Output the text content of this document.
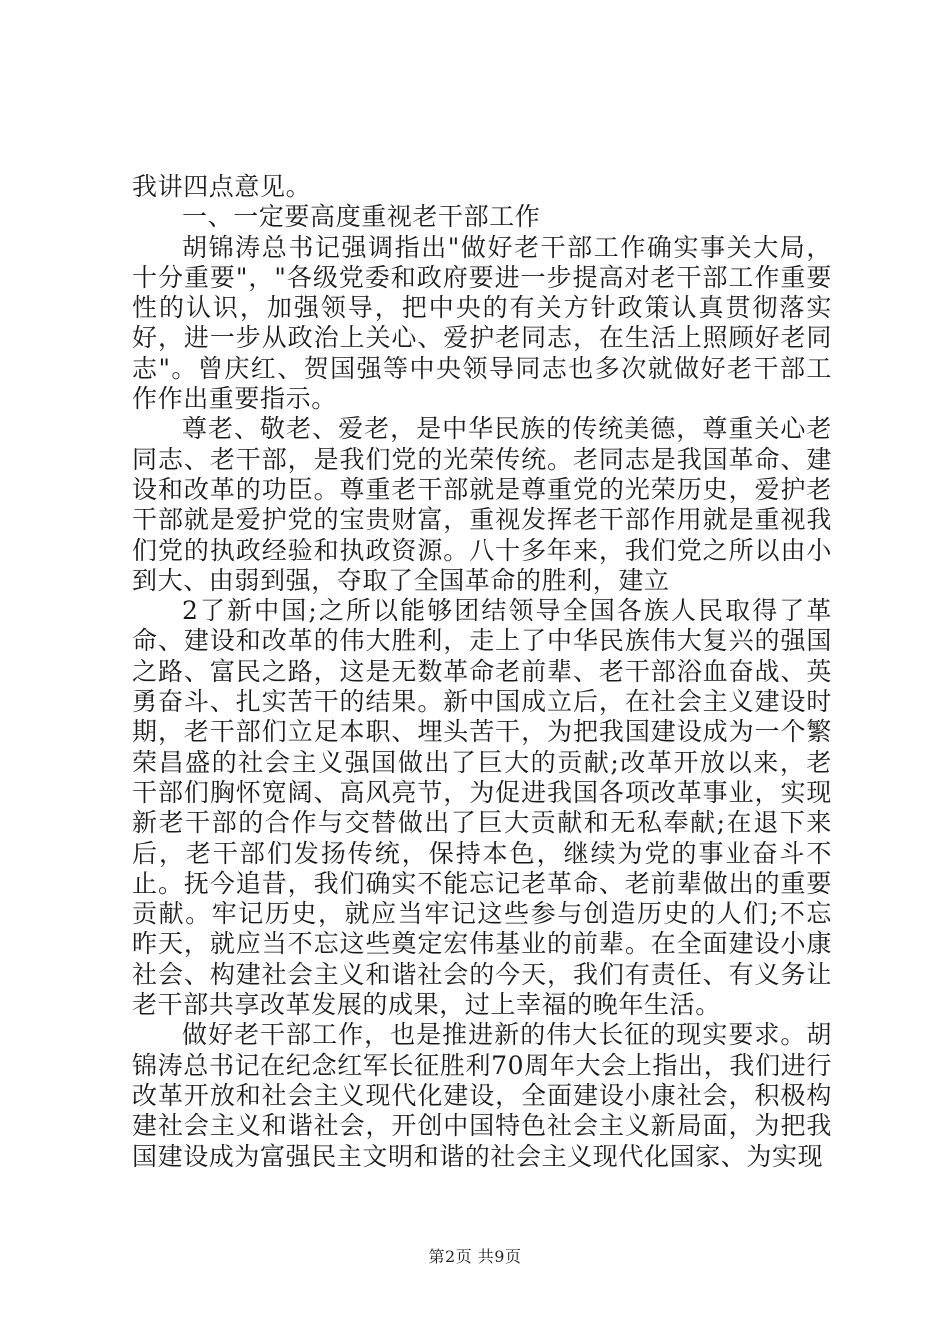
我讲四点意见。

一、一定要高度重视老干部工作

胡锦涛总书记强调指出"做好老干部工作确实事关大局，十分重要"，"各级党委和政府要进一步提高对老干部工作重要性的认识，加强领导，把中央的有关方针政策认真贯彻落实好，进一步从政治上关心、爱护老同志，在生活上照顾好老同志"。曾庆红、贺国强等中央领导同志也多次就做好老干部工作作出重要指示。

尊老、敬老、爱老，是中华民族的传统美德，尊重关心老同志、老干部，是我们党的光荣传统。老同志是我国革命、建设和改革的功臣。尊重老干部就是尊重党的光荣历史，爱护老干部就是爱护党的宝贵财富，重视发挥老干部作用就是重视我们党的执政经验和执政资源。八十多年来，我们党之所以由小到大、由弱到强，夺取了全国革命的胜利，建立

2了新中国;之所以能够团结领导全国各族人民取得了革命、建设和改革的伟大胜利，走上了中华民族伟大复兴的强国之路、富民之路，这是无数革命老前辈、老干部浴血奋战、英勇奋斗、扎实苦干的结果。新中国成立后，在社会主义建设时期，老干部们立足本职、埋头苦干，为把我国建设成为一个繁荣昌盛的社会主义强国做出了巨大的贡献;改革开放以来，老干部们胸怀宽阔、高风亮节，为促进我国各项改革事业，实现新老干部的合作与交替做出了巨大贡献和无私奉献;在退下来后，老干部们发扬传统，保持本色，继续为党的事业奋斗不止。抚今追昔，我们确实不能忘记老革命、老前辈做出的重要贡献。牢记历史，就应当牢记这些参与创造历史的人们;不忘昨天，就应当不忘这些奠定宏伟基业的前辈。在全面建设小康社会、构建社会主义和谐社会的今天，我们有责任、有义务让老干部共享改革发展的成果，过上幸福的晚年生活。

做好老干部工作，也是推进新的伟大长征的现实要求。胡锦涛总书记在纪念红军长征胜利70周年大会上指出，我们进行改革开放和社会主义现代化建设，全面建设小康社会，积极构建社会主义和谐社会，开创中国特色社会主义新局面，为把我国建设成为富强民主文明和谐的社会主义现代化国家、为实现

第2页 共9页
